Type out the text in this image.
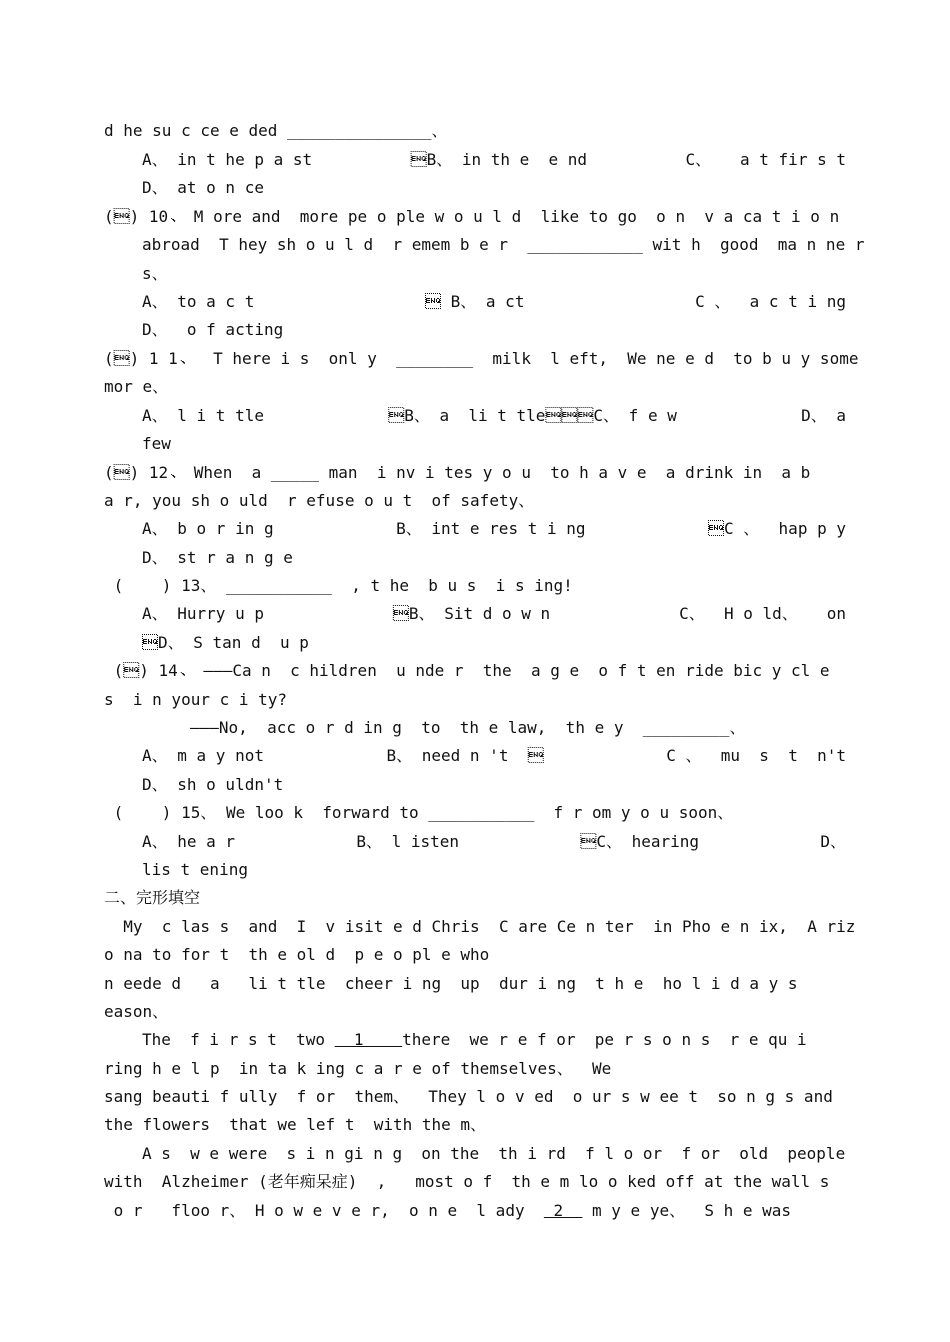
d he su c ce e ded _______________、
A、 in t he p a st	B、 in th e  e nd	C、   a t fir s t
D、 at o n ce
() 10、 M ore and  more pe o ple w o u l d  like to go  o n  v a ca t i o n
abroad  T hey sh o u l d  r emem b e r  ____________ wit h  good  ma n ne r
s、
A、 to a c t	 B、 a ct	C 、  a c t i ng
D、  o f acting
() 1 1、  T here i s  onl y  ________  milk  l eft,  We ne e d  to b u y some
mor e、
A、 l i t tle	B、 a  li t tleC、 f e w	D、 a
few
() 12、 When  a _____ man  i nv i tes y o u  to h a v e  a drink in  a b
a r, you sh o uld  r efuse o u t  of safety、
A、 b o r in g	B、 int e res t i ng	C 、  hap p y
D、 st r a n g e
(    ) 13、 ___________  , t he  b u s  i s ing!
A、 Hurry u p	B、 Sit d o w n	C、  H o ld、   on
D、 S tan d  u p
() 14、 ―――Ca n  c hildren  u nde r  the  a g e  o f t en ride bic y cl e
s  i n your c i ty?
―――No,  acc o r d in g  to  th e law,  th e y  _________、
A、 m a y not	B、 need n 't  	C 、  mu  s  t  n't
D、 sh o uldn't
(    ) 15、 We loo k  forward to ___________  f r om y o u soon、
A、 he a r	B、 l isten	C、 hearing	D、
lis t ening
二、完形填空
My  c las s  and  I  v isit e d Chris  C are Ce n ter  in Pho e n ix,  A riz
o na to for t  th e ol d  p e o pl e who
n eede d   a   li t tle  cheer i ng  up  dur i ng  t h e  ho l i d a y s
eason、
The  f i r s t  two   1    there  we r e f or  pe r s o n s  r e qu i
ring h e l p  in ta k ing c a r e of themselves、  We
sang beauti f ully  f or  them、  They l o v ed  o ur s w ee t  so n g s and
the flowers  that we lef t  with the m、
A s  w e were  s i n gi n g  on the  th i rd  f l o or  f or  old  people
with  Alzheimer (老年痴呆症)  ,   most o f  th e m lo o ked off at the wall s
o r   floo r、 H o w e v e r,  o n e  l ady   2   m y e ye、  S h e was
